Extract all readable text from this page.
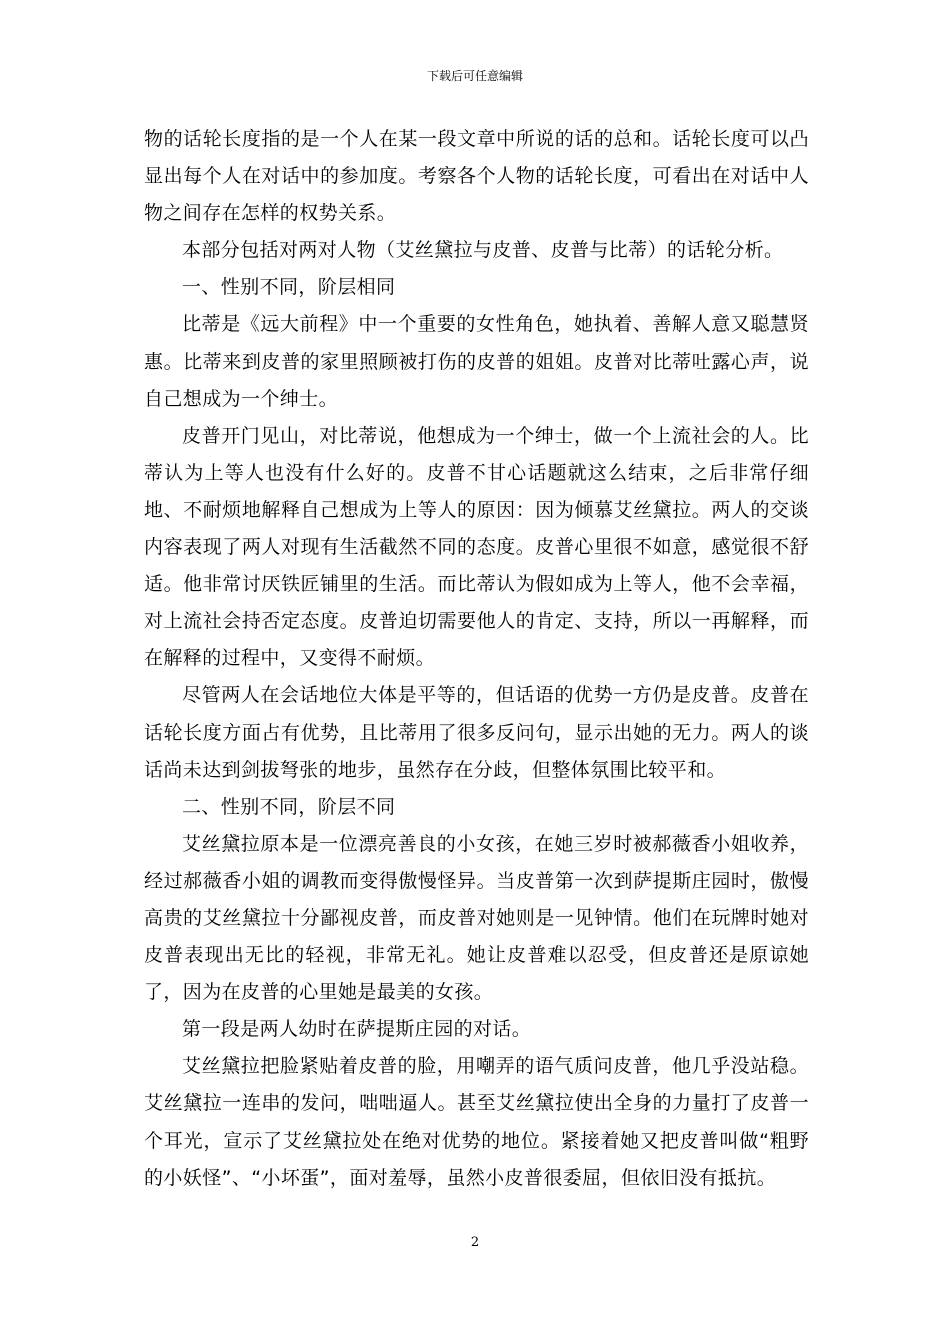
下载后可任意编辑

物的话轮长度指的是一个人在某一段文章中所说的话的总和。话轮长度可以凸显出每个人在对话中的参加度。考察各个人物的话轮长度，可看出在对话中人物之间存在怎样的权势关系。

本部分包括对两对人物（艾丝黛拉与皮普、皮普与比蒂）的话轮分析。

一、性别不同，阶层相同

比蒂是《远大前程》中一个重要的女性角色，她执着、善解人意又聪慧贤惠。比蒂来到皮普的家里照顾被打伤的皮普的姐姐。皮普对比蒂吐露心声，说自己想成为一个绅士。

皮普开门见山，对比蒂说，他想成为一个绅士，做一个上流社会的人。比蒂认为上等人也没有什么好的。皮普不甘心话题就这么结束，之后非常仔细地、不耐烦地解释自己想成为上等人的原因：因为倾慕艾丝黛拉。两人的交谈内容表现了两人对现有生活截然不同的态度。皮普心里很不如意，感觉很不舒适。他非常讨厌铁匠铺里的生活。而比蒂认为假如成为上等人，他不会幸福，对上流社会持否定态度。皮普迫切需要他人的肯定、支持，所以一再解释，而在解释的过程中，又变得不耐烦。

尽管两人在会话地位大体是平等的，但话语的优势一方仍是皮普。皮普在话轮长度方面占有优势，且比蒂用了很多反问句，显示出她的无力。两人的谈话尚未达到剑拔弩张的地步，虽然存在分歧，但整体氛围比较平和。

二、性别不同，阶层不同

艾丝黛拉原本是一位漂亮善良的小女孩，在她三岁时被郝薇香小姐收养，经过郝薇香小姐的调教而变得傲慢怪异。当皮普第一次到萨提斯庄园时，傲慢高贵的艾丝黛拉十分鄙视皮普，而皮普对她则是一见钟情。他们在玩牌时她对皮普表现出无比的轻视，非常无礼。她让皮普难以忍受，但皮普还是原谅她了，因为在皮普的心里她是最美的女孩。

第一段是两人幼时在萨提斯庄园的对话。

艾丝黛拉把脸紧贴着皮普的脸，用嘲弄的语气质问皮普，他几乎没站稳。艾丝黛拉一连串的发问，咄咄逼人。甚至艾丝黛拉使出全身的力量打了皮普一个耳光，宣示了艾丝黛拉处在绝对优势的地位。紧接着她又把皮普叫做“粗野的小妖怪”、“小坏蛋”，面对羞辱，虽然小皮普很委屈，但依旧没有抵抗。

2
